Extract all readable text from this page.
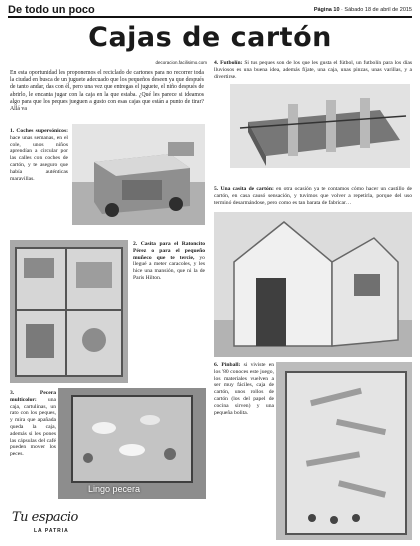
De todo un poco	Página 10 · Sábado 18 de abril de 2015
Cajas de cartón
decoracion.facilisimo.com

En esta oportunidad les proponemos el reciclado de cartones para no recorrer toda la ciudad en busca de un juguete adecuado que los pequeños deseen ya que después de tanto andar, das con él, pero una vez que entregas el juguete, el niño después de abrirlo, le encanta jugar con la caja en la que estaba. ¿Qué les parece si ideamos algo para que los peques jueguen a gusto con esas cajas que están a punto de tirar? Allá va

1. Coches supersónicos: hace unas semanas, en el cole, unos niños aprendían a circular por las calles con coches de cartón, y te aseguro que había auténticas maravillas.

2. Casita para el Ratoncito Pérez o para el pequeño muñeco que te tercie, yo llegué a meter caracoles, y les hice una mansión, que ni la de Paris Hilton.

3. Pecera multicolor: una caja, cartulinas, un rato con los peques, y mira que apañada queda la caja, además si les pones las cápsulas del café pueden mover los peces.

Lingo pecera

4. Futbolín: Si tus peques son de los que les gusta el fútbol, un futbolín para los días lluviosos es una buena idea, además fíjate, una caja, unas pinzas, unas varillas, y a divertirse.

5. Una casita de cartón: en otra ocasión ya te contamos cómo hacer un castillo de cartón, en casa causó sensación, y tuvimos que volver a repetirla, porque del uso terminó desarmándose, pero como es tan barata de fabricar…

6. Pinball: si viviste en los '80 conoces este juego, los materiales vuelven a ser muy fáciles, caja de cartón, unos rollos de cartón (los del papel de cocina sirven) y una pequeña bolita.

Tu espacio
LA PATRIA
